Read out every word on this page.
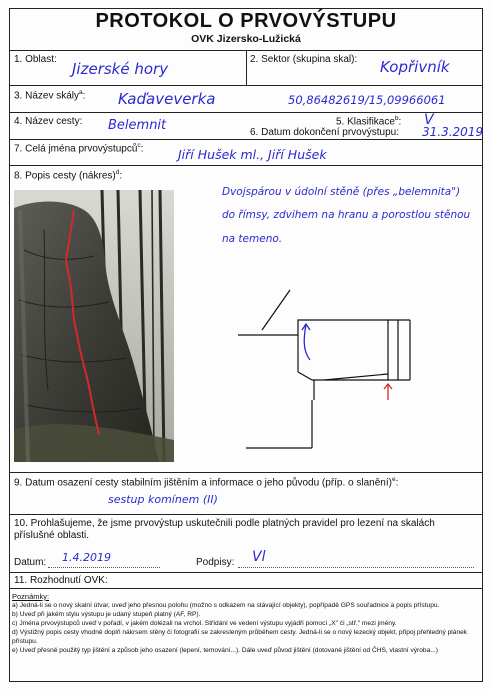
PROTOKOL O PRVOVÝSTUPU
OVK Jizersko-Lužická
1. Oblast:
Jizerské hory
2. Sektor (skupina skal): Kopřivník
3. Název skály$^a$: Kaďaveverka	50,86482619/15,09966061
4. Název cesty: Belemnit	5. Klasifikace$^b$: V
6. Datum dokončení prvovýstupu: 31.3.2019
7. Celá jména prvovýstupců$^c$:	Jiří Hušek ml., Jiří Hušek
8. Popis cesty (nákres)$^d$:
Dvojspárou v údolní stěně (přes „belemnita")
do římsy, zdvihem na hranu a porostlou stěnou
na temeno.
9. Datum osazení cesty stabilním jištěním a informace o jeho původu (příp. o slanění)$^e$:
sestup komínem (II)
10. Prohlašujeme, že jsme prvovýstup uskutečnili podle platných pravidel pro lezení na skalách
příslušné oblasti.
Datum: 1.4.2019	Podpisy: Vl
11. Rozhodnutí OVK:
Poznámky:
a) Jedná-li se o nový skalní útvar, uveď jeho přesnou polohu (možno s odkazem na stávající objekty), popřípadě GPS souřadnice a popis přístupu.
b) Uveď při jakém stylu výstupu je udaný stupeň platný (AF, RP).
c) Jména prvovýstupců uveď v pořadí, v jakém dolézali na vrchol. Střídání ve vedení výstupu vyjádři pomocí „X" či „stř." mezi jmény.
d) Výstižný popis cesty vhodně doplň nákrsem stěny či fotografií se zakresleným průběhem cesty. Jedná-li se o nový lezecký objekt, připoj přehledný plánek přístupu.
e) Uveď přesně použitý typ jištění a způsob jeho osazení (lepení, temování...). Dále uveď původ jištění (dotované jištění od ČHS, vlastní výroba...)
